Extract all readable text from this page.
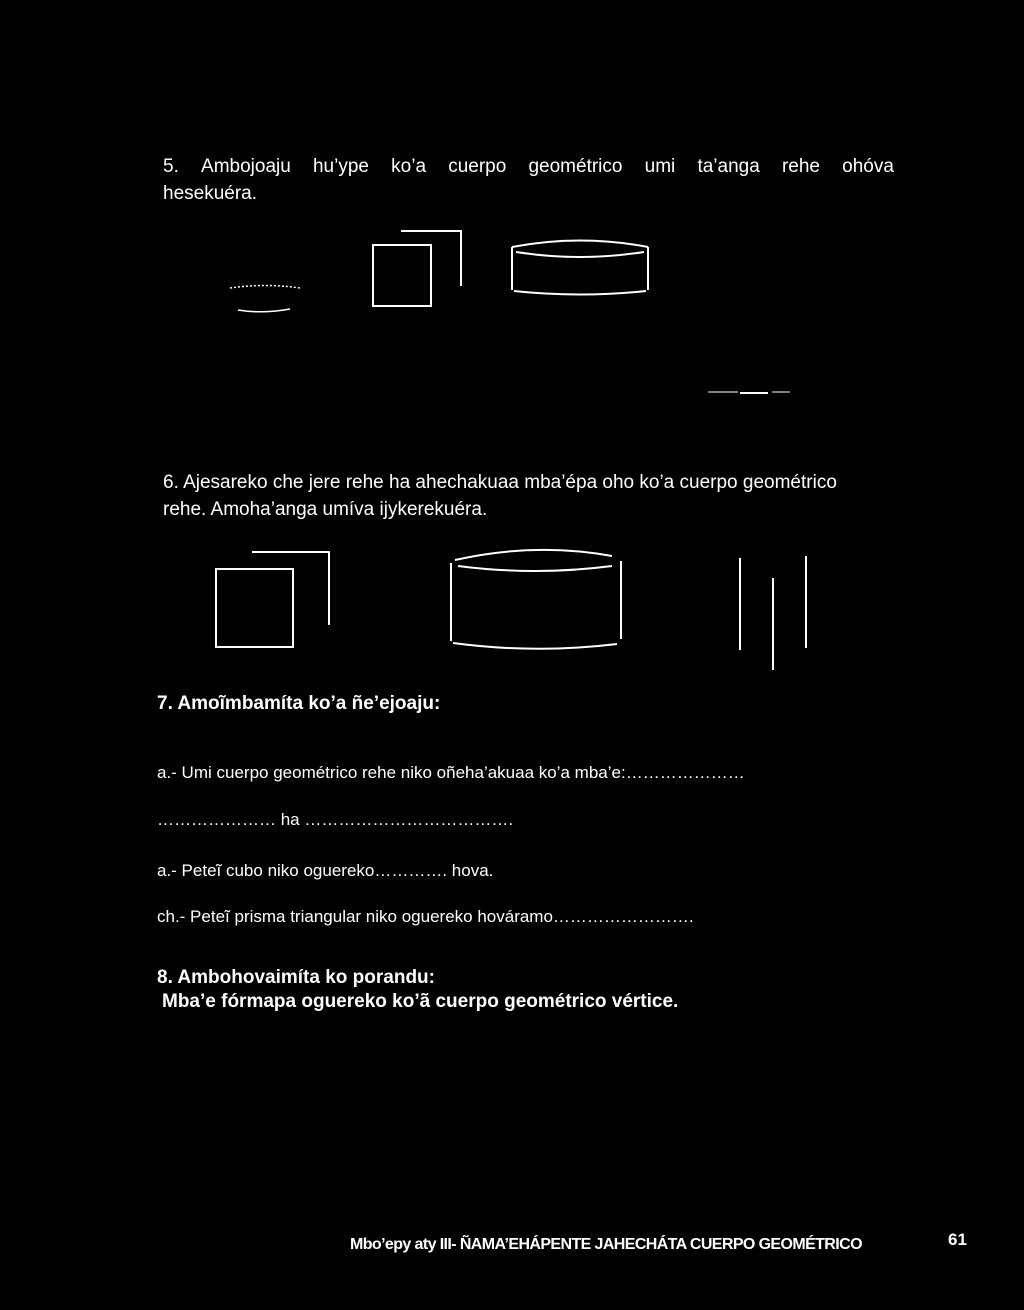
5. Ambojoaju hu’ype ko’a cuerpo geométrico umi ta’anga rehe ohóva
hesekuéra.
6. Ajesareko che jere rehe ha ahechakuaa mba’épa oho ko’a cuerpo geométrico
rehe. Amoha’anga umíva ijykerekuéra.
7. Amoĩmbamíta ko’a ñe’ejoaju:
a.- Umi cuerpo geométrico rehe niko oñeha’akuaa ko’a mba’e:…………………
………………… ha ……………………………….
a.- Peteĩ cubo niko oguereko…………. hova.
ch.- Peteĩ prisma triangular niko oguereko hováramo…………………….
8. Ambohovaimíta ko porandu:
Mba’e fórmapa oguereko ko’ã cuerpo geométrico vértice.
Mbo’epy aty III- ÑAMA’EHÁPENTE JAHECHÁTA CUERPO GEOMÉTRICO	61
